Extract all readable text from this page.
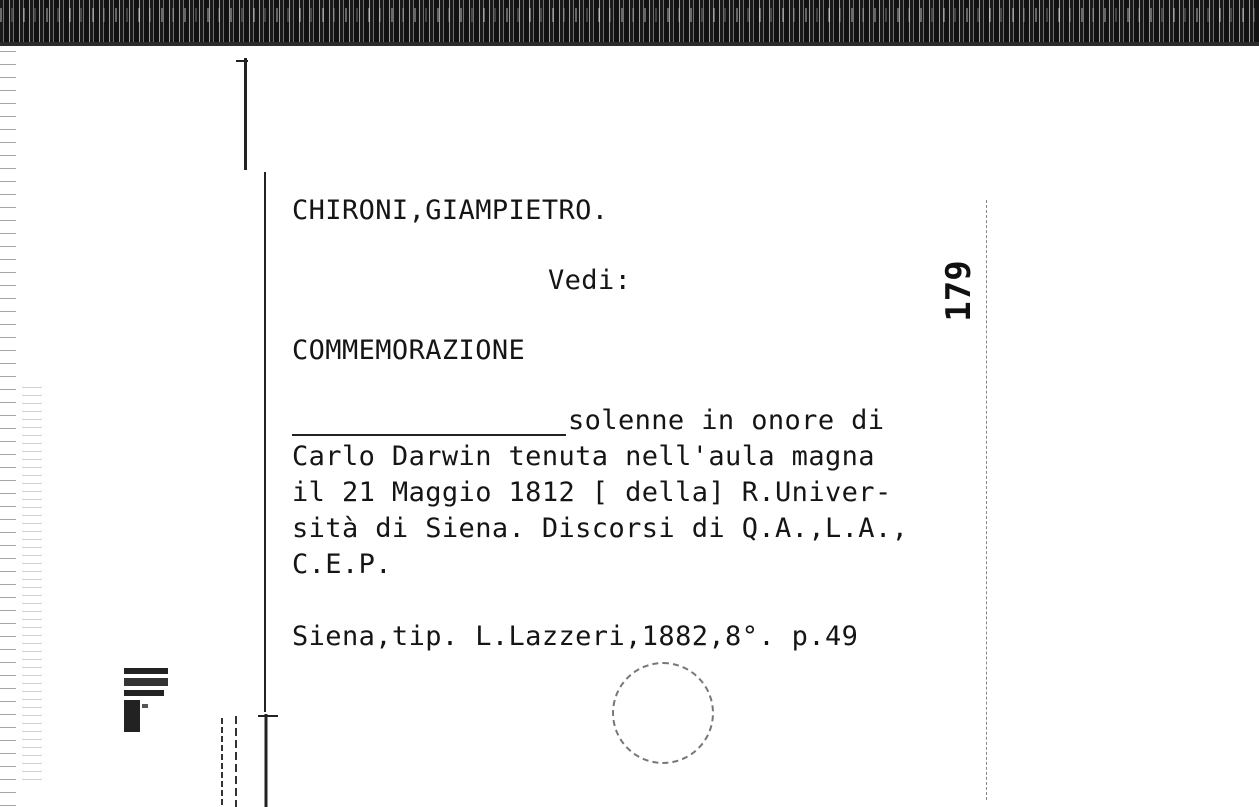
CHIRONI,GIAMPIETRO.
Vedi:	179
COMMEMORAZIONE
solenne in onore di
Carlo Darwin tenuta nell'aula magna
il 21 Maggio 1812 [ della] R.Univer-
sità di Siena. Discorsi di Q.A.,L.A.,
C.E.P.
Siena,tip. L.Lazzeri,1882,8°. p.49
